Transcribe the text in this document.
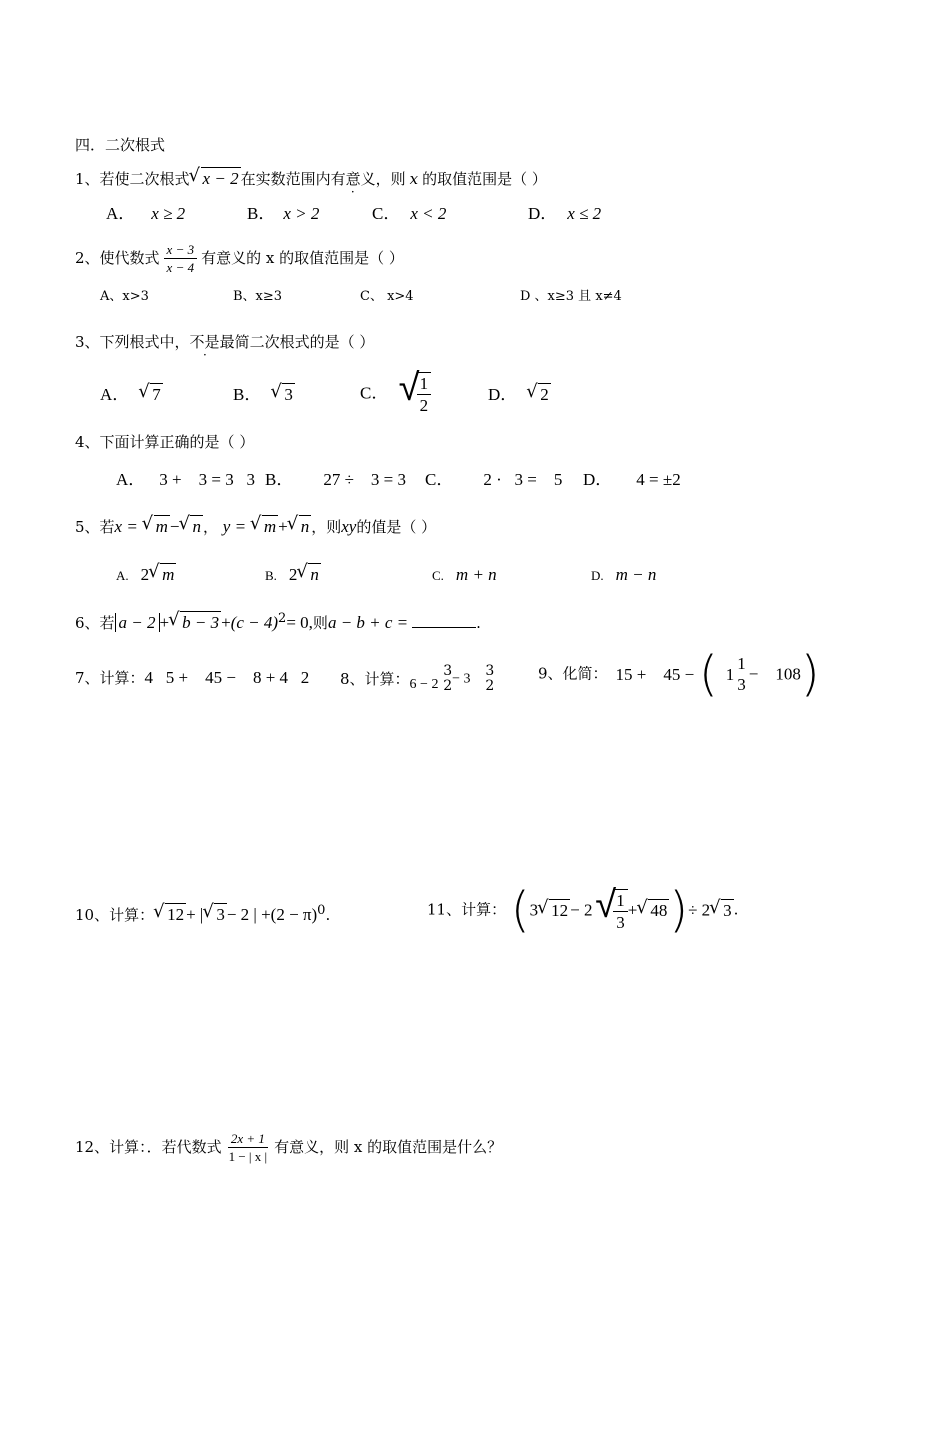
四．二次根式
1、若使二次根式 √ x − 2 在实数范围内有意义，则 x 的取值范围是（ ）
A． x ≥ 2	B． x > 2	C． x < 2	D． x ≤ 2
2、使代数式 $\frac{x - 3}{x - 4}$ 有意义的 x 的取值范围是（ ）
A、x>3	B、x≥3	C、 x>4	D 、x≥3 且 x≠4
3、下列根式中，不是最简二次根式的是（ ）
A． √ 7	B． √ 3	C． √
$\frac{1}{2}$	D． √ 2
4、下面计算正确的是（ ）
A． 3 +    3 = 3   3 B． 27 ÷    3 = 3 C． 2 ·   3 =    5 D． 4 = ±2
5、若x = √ m − √ n ， y = √ m + √ n ，则xy的值是（ ）
A. 2 √ m	B. 2 √ n	C. m + n	D. m − n
6、若 a − 2 + √ $b - 3 +(c - 4)^2= 0$,则a − b + c =	.
7、计算：4   5 +    45 −    8 + 4   2 8、计算：6 − 2
3
2 − 3 3
2
9、化简： 15 +    45 − ( 1
1
3
−    108)
10、计算： √ 12 + | √ 3 − 2 | $+(2 - \pi)^0$.	11、计算： (3 √ 12 − 2 √
$\frac{1}{3}$ + √ 48)÷ 2 √ 3 .
12、计算：．若代数式 $\frac{2x + 1}{1 - | x |}$ 有意义，则 x 的取值范围是什么？
